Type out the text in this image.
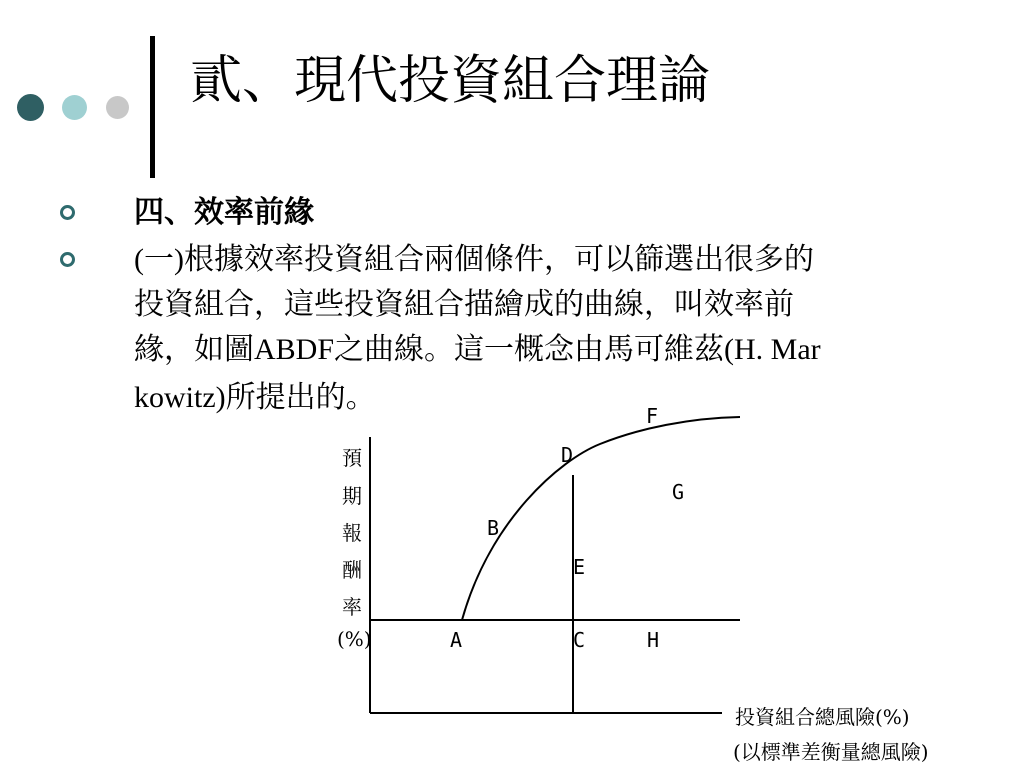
貳、現代投資組合理論
四、效率前緣
(一)根據效率投資組合兩個條件，可以篩選出很多的
投資組合，這些投資組合描繪成的曲線，叫效率前
緣，如圖ABDF之曲線。這一概念由馬可維茲(H. Mar
kowitz)所提出的。
預
期
報
酬
率
(%)
F
D
G
B
E
A	C	H
投資組合總風險(%)
(以標準差衡量總風險)
